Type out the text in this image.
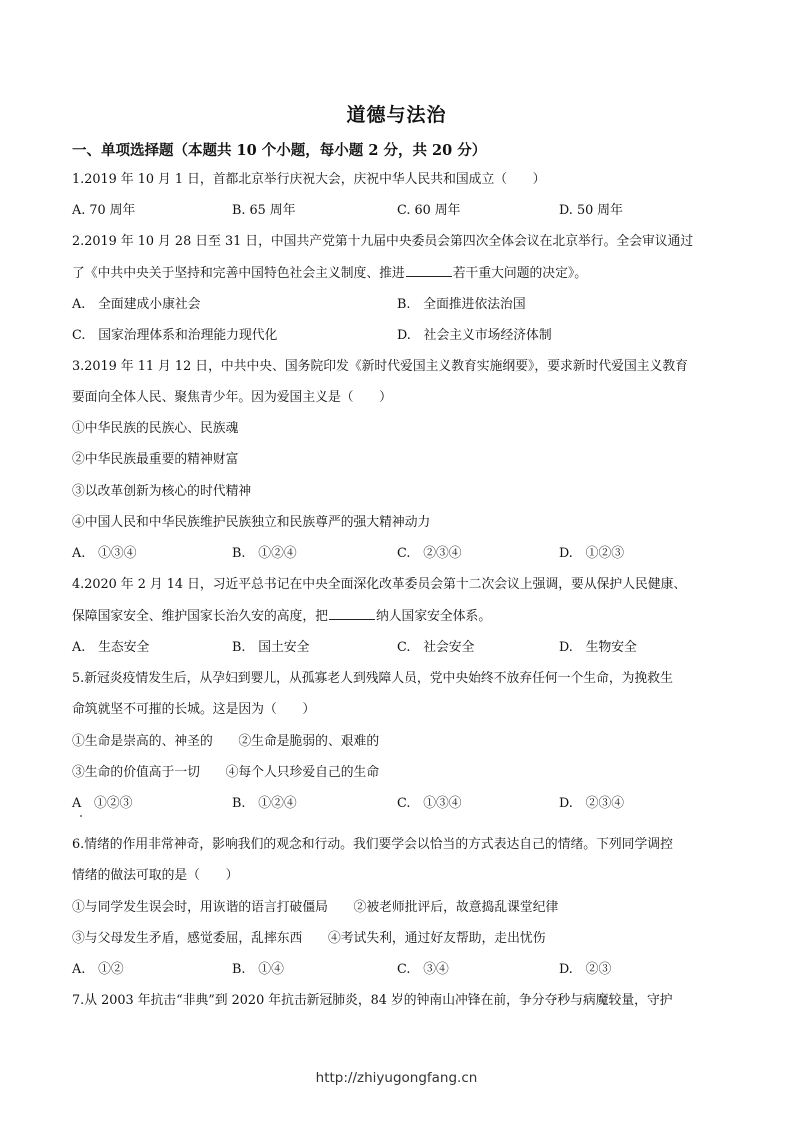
道德与法治
一、单项选择题（本题共 10 个小题，每小题 2 分，共 20 分）
1.2019 年 10 月 1 日，首都北京举行庆祝大会，庆祝中华人民共和国成立（　　）
A. 70 周年	B. 65 周年	C. 60 周年	D. 50 周年
2.2019 年 10 月 28 日至 31 日，中国共产党第十九届中央委员会第四次全体会议在北京举行。全会审议通过
了《中共中央关于坚持和完善中国特色社会主义制度、推进	若干重大问题的决定》。
A.　全面建成小康社会	B.　全面推进依法治国
C.　国家治理体系和治理能力现代化	D.　社会主义市场经济体制
3.2019 年 11 月 12 日，中共中央、国务院印发《新时代爱国主义教育实施纲要》，要求新时代爱国主义教育
要面向全体人民、聚焦青少年。因为爱国主义是（　　）
①中华民族的民族心、民族魂
②中华民族最重要的精神财富
③以改革创新为核心的时代精神
④中国人民和中华民族维护民族独立和民族尊严的强大精神动力
A.　①③④	B.　①②④	C.　②③④	D.　①②③
4.2020 年 2 月 14 日，习近平总书记在中央全面深化改革委员会第十二次会议上强调，要从保护人民健康、
保障国家安全、维护国家长治久安的高度，把	纳人国家安全体系。
A.　生态安全	B.　国土安全	C.　社会安全	D.　生物安全
5.新冠炎疫情发生后，从孕妇到婴儿，从孤寡老人到残障人员，党中央始终不放弃任何一个生命，为挽救生
命筑就坚不可摧的长城。这是因为（　　）
①生命是崇高的、神圣的　　②生命是脆弱的、艰难的
③生命的价值高于一切　　④每个人只珍爱自己的生命
A　①②③	B.　①②④	C.　①③④	D.　②③④
6.情绪的作用非常神奇，影响我们的观念和行动。我们要学会以恰当的方式表达自己的情绪。下列同学调控
情绪的做法可取的是（　　）
①与同学发生误会时，用诙谐的语言打破僵局　　②被老师批评后，故意捣乱课堂纪律
③与父母发生矛盾，感觉委屈，乱摔东西　　④考试失利，通过好友帮助，走出忧伤
A.　①②	B.　①④	C.　③④	D.　②③
7.从 2003 年抗击“非典”到 2020 年抗击新冠肺炎，84 岁的钟南山冲锋在前，争分夺秒与病魔较量，守护
http://zhiyugongfang.cn
